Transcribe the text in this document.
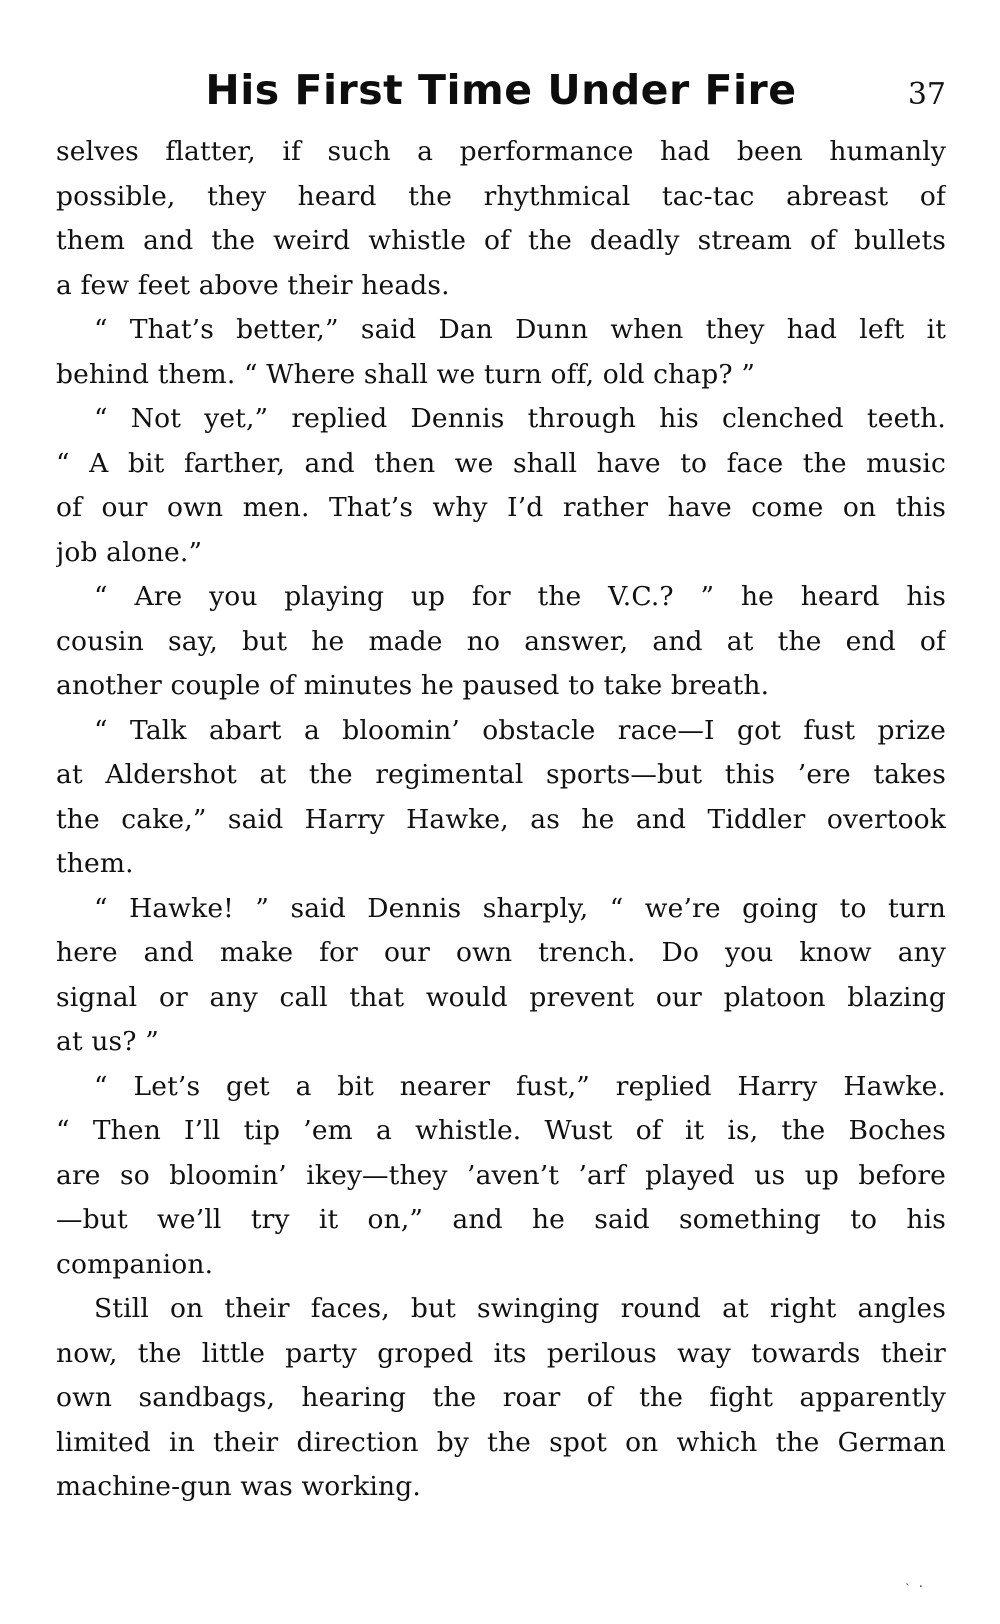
His First Time Under Fire	37
selves flatter, if such a performance had been humanly
possible, they heard the rhythmical tac-tac abreast of
them and the weird whistle of the deadly stream of bullets
a few feet above their heads.
“ That’s better,” said Dan Dunn when they had left it
behind them. “ Where shall we turn off, old chap? ”
“ Not yet,” replied Dennis through his clenched teeth.
“ A bit farther, and then we shall have to face the music
of our own men. That’s why I’d rather have come on this
job alone.”
“ Are you playing up for the V.C.? ” he heard his
cousin say, but he made no answer, and at the end of
another couple of minutes he paused to take breath.
“ Talk abart a bloomin’ obstacle race—I got fust prize
at Aldershot at the regimental sports—but this ’ere takes
the cake,” said Harry Hawke, as he and Tiddler overtook
them.
“ Hawke! ” said Dennis sharply, “ we’re going to turn
here and make for our own trench. Do you know any
signal or any call that would prevent our platoon blazing
at us? ”
“ Let’s get a bit nearer fust,” replied Harry Hawke.
“ Then I’ll tip ’em a whistle. Wust of it is, the Boches
are so bloomin’ ikey—they ’aven’t ’arf played us up before
—but we’ll try it on,” and he said something to his
companion.
Still on their faces, but swinging round at right angles
now, the little party groped its perilous way towards their
own sandbags, hearing the roar of the fight apparently
limited in their direction by the spot on which the German
machine-gun was working.
˴  .
